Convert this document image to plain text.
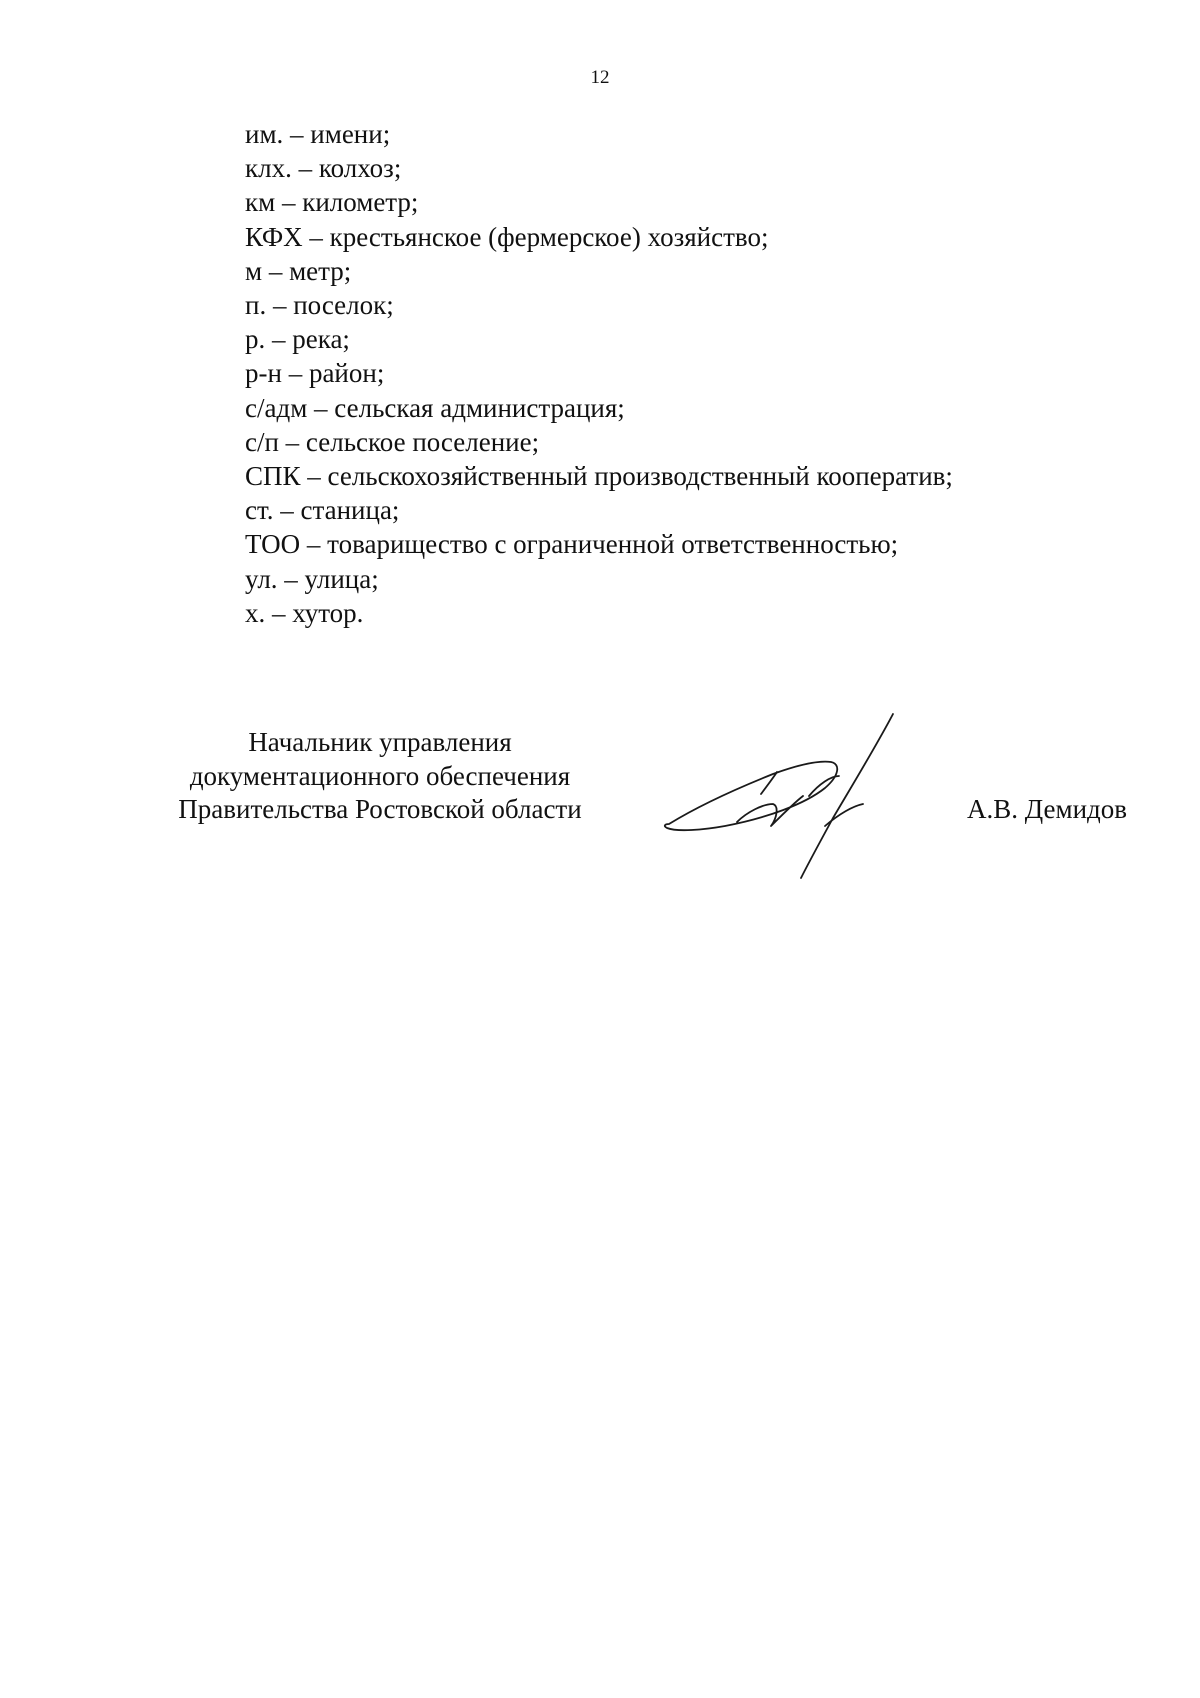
12
им. – имени;
клх. – колхоз;
км – километр;
КФХ – крестьянское (фермерское) хозяйство;
м – метр;
п. – поселок;
р. – река;
р-н – район;
с/адм – сельская администрация;
с/п – сельское поселение;
СПК – сельскохозяйственный производственный кооператив;
ст. – станица;
ТОО – товарищество с ограниченной ответственностью;
ул. – улица;
х. – хутор.
Начальник управления
документационного обеспечения
Правительства Ростовской области	А.В. Демидов
